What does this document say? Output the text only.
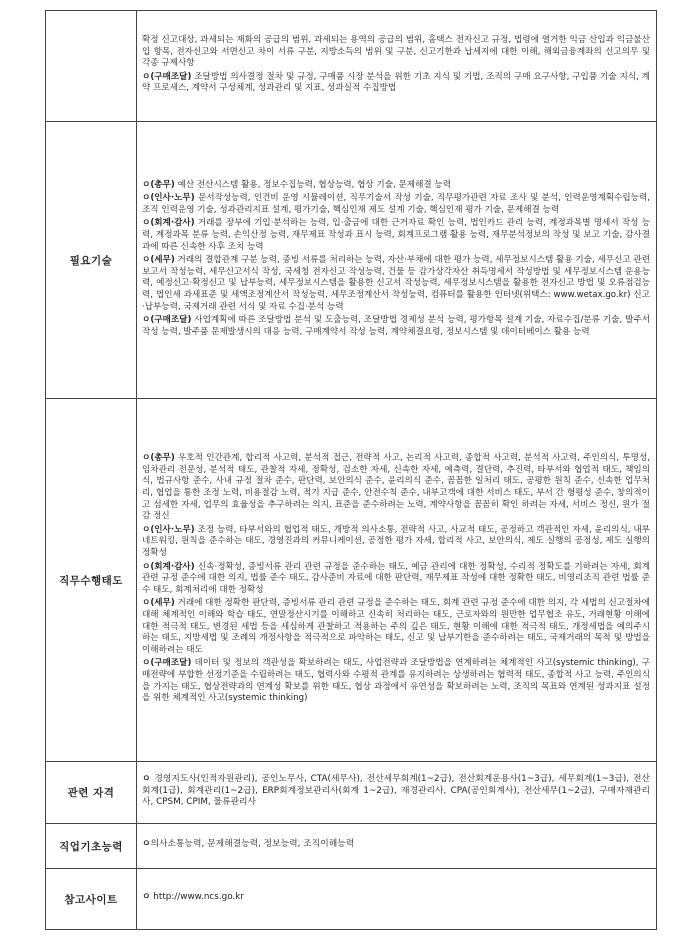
	확정 신고대상, 과세되는 재화의 공급의 범위, 과세되는 용역의 공급의 범위, 홈택스 전자신고 규정, 법령에 열거한 익금 산입과 익금불산입 항목, 전자신고와 서면신고 차이 서류 구분, 지방소득의 범위 및 구분, 신고기한과 납세지에 대한 이해, 해외금융계좌의 신고의무 및 각종 규제사항
ㅇ(구매조달) 조달방법 의사결정 절차 및 규정, 구매품 시장 분석을 위한 기초 지식 및 기법, 조직의 구매 요구사항, 구입품 기술 지식, 계약 프로세스, 계약서 구성체계, 성과관리 및 지표, 성과실적 수집방법

필요기술	ㅇ(총무) 예산 전산시스템 활용, 정보수집능력, 협상능력, 협상 기술, 문제해결 능력
ㅇ(인사·노무) 문서작성능력, 인건비 운영 시뮬레이션, 직무기술서 작성 기술, 직무평가관련 자료 조사 및 분석, 인력운영계획수립능력, 조직 인력운영 기술, 성과관리지표 설계, 평가기술, 핵심인재 제도 설계 기술, 핵심인재 평가 기술, 문제해결 능력
ㅇ(회계·감사) 거래를 장부에 기입·분석하는 능력, 입·출금에 대한 근거자료 확인 능력, 법인카드 관리 능력, 계정과목별 명세서 작성 능력, 계정과목 분류 능력, 손익산정 능력, 재무제표 작성과 표시 능력, 회계프로그램 활용 능력, 재무분석정보의 작성 및 보고 기술, 감사결과에 따른 신속한 사후 조치 능력
ㅇ(세무) 거래의 결합관계 구분 능력, 증빙 서류를 처리하는 능력, 자산·부채에 대한 평가 능력, 세무정보시스템 활용 기술, 세무신고 관련 보고서 작성능력, 세무신고서식 작성, 국세청 전자신고 작성능력, 건물 등 감가상각자산 취득명세서 작성방법 및 세무정보시스템 운용능력, 예정신고·확정신고 및 납부능력, 세무정보시스템을 활용한 신고서 작성능력, 세무정보시스템을 활용한 전자신고 방법 및 오류점검능력, 법인세 과세표준 및 세액조정계산서 작성능력, 세무조정계산서 작성능력, 컴퓨터를 활용한 인터넷(위택스: www.wetax.go.kr) 신고·납부능력, 국제거래 관련 서식 및 자료 수집·분석 능력
ㅇ(구매조달) 사업계획에 따른 조달방법 분석 및 도출능력, 조달방법 경제성 분석 능력, 평가항목 설계 기술, 자료수집/분류 기술, 발주서 작성 능력, 발주품 문제발생시의 대응 능력, 구매계약서 작성 능력, 계약체결요령, 정보시스템 및 데이터베이스 활용 능력

직무수행태도	ㅇ(총무) 우호적 인간관계, 합리적 사고력, 분석적 접근, 전략적 사고, 논리적 사고력, 종합적 사고력, 분석적 사고력, 주인의식, 투명성, 임차관리 전문성, 분석적 태도, 관찰적 자세, 정확성, 검소한 자세, 신속한 자세, 예측력, 결단력, 추진력, 타부서와 협업적 태도, 책임의식, 법규사항 준수, 사내 규정 절차 준수, 판단력, 보안의식 준수, 윤리의식 준수, 꼼꼼한 일처리 태도, 공평한 원칙 준수, 신속한 업무처리, 협업을 통한 조정 노력, 비용절감 노력, 적기 지급 준수, 안전수칙 준수, 내부고객에 대한 서비스 태도, 부서 간 형평성 준수, 창의적이고 섬세한 자세, 업무의 효율성을 추구하려는 의지, 표준을 준수하려는 노력, 계약사항을 꼼꼼히 확인 하려는 자세, 서비스 정신, 원가 절감 정신
ㅇ(인사·노무) 조정 능력, 타부서와의 협업적 태도, 개방적 의사소통, 전략적 사고, 사교적 태도, 공정하고 객관적인 자세, 윤리의식, 내부네트워킹, 원칙을 준수하는 태도, 경영진과의 커뮤니케이션, 공정한 평가 자세, 합리적 사고, 보안의식, 제도 실행의 공정성, 제도 실행의 정확성
ㅇ(회계·감사) 신속·정확성, 증빙서류 관리 관련 규정을 준수하는 태도, 예금 관리에 대한 정확성, 수리적 정확도를 기하려는 자세, 회계 관련 규정 준수에 대한 의지, 법률 준수 태도, 감사준비 자료에 대한 판단력, 재무제표 작성에 대한 정확한 태도, 비영리조직 관련 법률 준수 태도, 회계처리에 대한 정확성
ㅇ(세무) 거래에 대한 정확한 판단력, 증빙서류 관리 관련 규정을 준수하는 태도, 회계 관련 규정 준수에 대한 의지, 각 세법의 신고절차에 대해 체계적인 이해와 학습 태도, 연말정산시기를 이해하고 신속히 처리하는 태도, 근로자와의 원만한 업무협조 유도, 거래현황 이해에 대한 적극적 태도, 변경된 세법 등을 세심하게 관찰하고 적용하는 주의 깊은 태도, 현황 이해에 대한 적극적 태도, 개정세법을 예의주시 하는 태도, 지방세법 및 조례의 개정사항을 적극적으로 파악하는 태도, 신고 및 납부기한을 준수하려는 태도, 국제거래의 목적 및 방법을 이해하려는 태도
ㅇ(구매조달) 데이터 및 정보의 객관성을 확보하려는 태도, 사업전략과 조달방법을 연계하려는 체계적인 사고(systemic thinking), 구매전략에 부합한 선정기준을 수립하려는 태도, 협력사와 수평적 관계를 유지하려는 상생하려는 협력적 태도, 종합적 사고 능력, 주인의식을 가지는 태도, 협상전략과의 연계성 확보를 위한 태도, 협상 과정에서 유연성을 확보하려는 노력, 조직의 목표와 연계된 성과지표 설정을 위한 체계적인 사고(systemic thinking)

관련 자격	ㅇ 경영지도사(인적자원관리), 공인노무사, CTA(세무사), 전산세무회계(1~2급), 전산회계운용사(1~3급), 세무회계(1~3급), 전산회계(1급), 회계관리(1~2급), ERP회계정보관리사(회계 1~2급), 재경관리사, CPA(공인회계사), 전산세무(1~2급), 구매자재관리사, CPSM, CPIM, 물류관리사

직업기초능력	ㅇ의사소통능력, 문제해결능력, 정보능력, 조직이해능력

참고사이트	ㅇ http://www.ncs.go.kr
